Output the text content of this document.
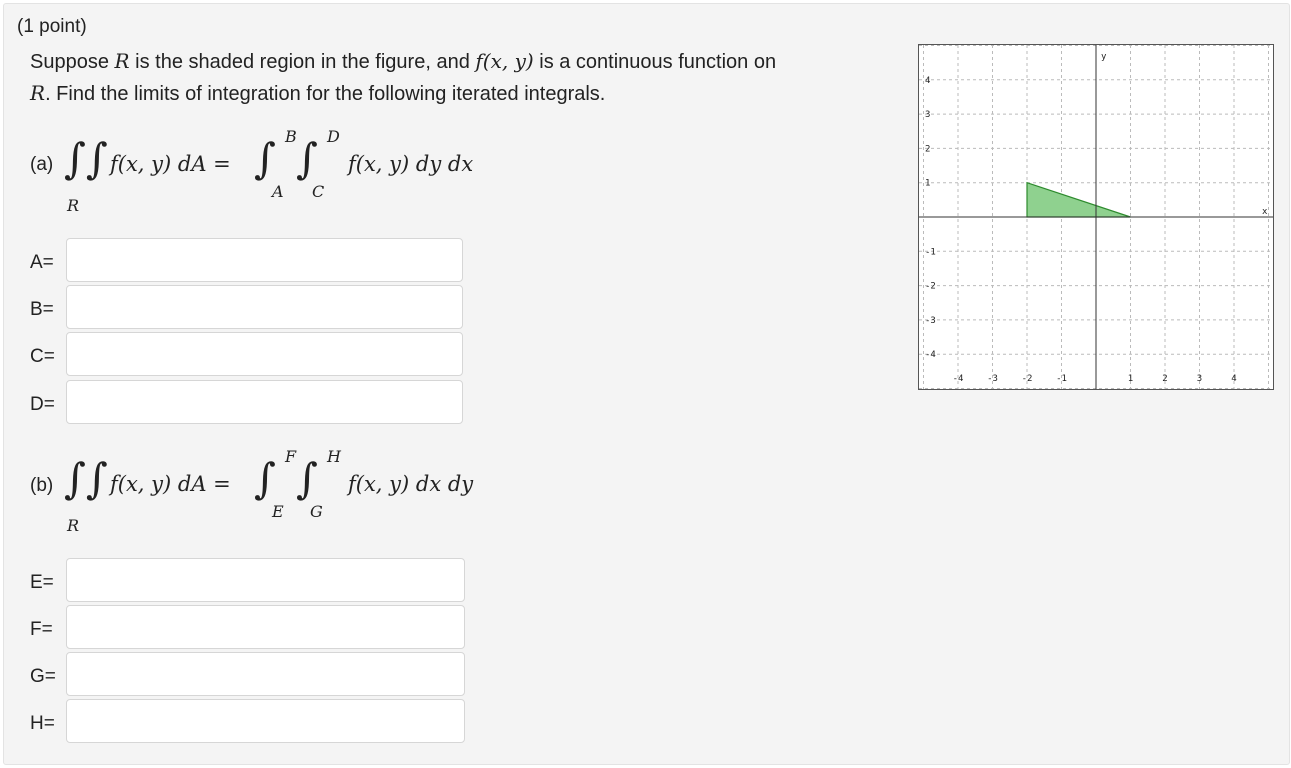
(1 point)
Suppose R is the shaded region in the figure, and f(x, y) is a continuous function on
R. Find the limits of integration for the following iterated integrals.
(a) ∫∫
R
f(x, y) dA = ∫ B
A
∫ D
C
f(x, y) dy dx
A=
B=
C=
D=
(b) ∫∫
R
f(x, y) dA = ∫ F
E
∫ H
G
f(x, y) dx dy
E=
F=
G=
H=
-4	-3	-2	-1	1	2	3	4
4
3
2
1
-1
-2
-3
-4
x
y
